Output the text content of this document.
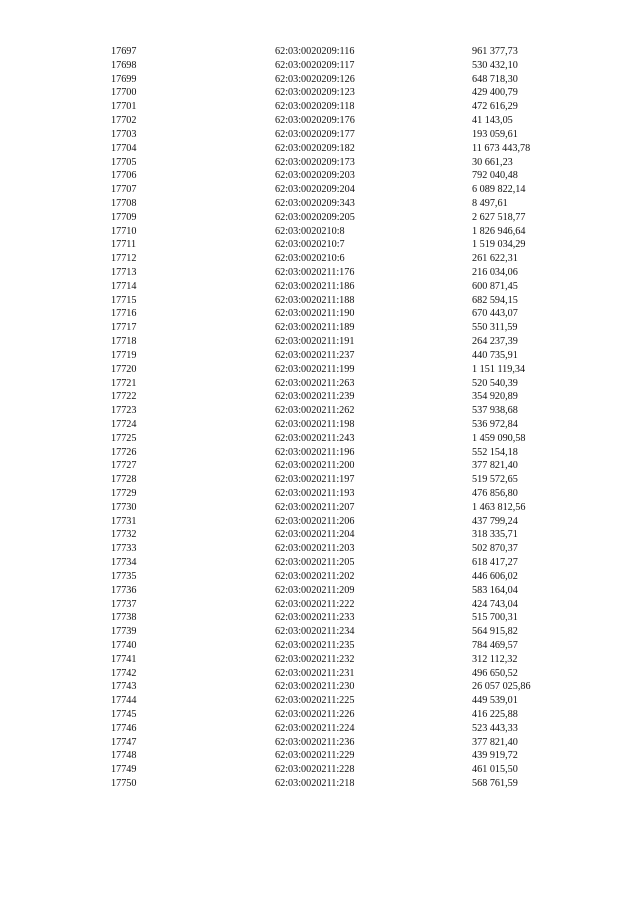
17697	62:03:0020209:116	961 377,73
17698	62:03:0020209:117	530 432,10
17699	62:03:0020209:126	648 718,30
17700	62:03:0020209:123	429 400,79
17701	62:03:0020209:118	472 616,29
17702	62:03:0020209:176	41 143,05
17703	62:03:0020209:177	193 059,61
17704	62:03:0020209:182	11 673 443,78
17705	62:03:0020209:173	30 661,23
17706	62:03:0020209:203	792 040,48
17707	62:03:0020209:204	6 089 822,14
17708	62:03:0020209:343	8 497,61
17709	62:03:0020209:205	2 627 518,77
17710	62:03:0020210:8	1 826 946,64
17711	62:03:0020210:7	1 519 034,29
17712	62:03:0020210:6	261 622,31
17713	62:03:0020211:176	216 034,06
17714	62:03:0020211:186	600 871,45
17715	62:03:0020211:188	682 594,15
17716	62:03:0020211:190	670 443,07
17717	62:03:0020211:189	550 311,59
17718	62:03:0020211:191	264 237,39
17719	62:03:0020211:237	440 735,91
17720	62:03:0020211:199	1 151 119,34
17721	62:03:0020211:263	520 540,39
17722	62:03:0020211:239	354 920,89
17723	62:03:0020211:262	537 938,68
17724	62:03:0020211:198	536 972,84
17725	62:03:0020211:243	1 459 090,58
17726	62:03:0020211:196	552 154,18
17727	62:03:0020211:200	377 821,40
17728	62:03:0020211:197	519 572,65
17729	62:03:0020211:193	476 856,80
17730	62:03:0020211:207	1 463 812,56
17731	62:03:0020211:206	437 799,24
17732	62:03:0020211:204	318 335,71
17733	62:03:0020211:203	502 870,37
17734	62:03:0020211:205	618 417,27
17735	62:03:0020211:202	446 606,02
17736	62:03:0020211:209	583 164,04
17737	62:03:0020211:222	424 743,04
17738	62:03:0020211:233	515 700,31
17739	62:03:0020211:234	564 915,82
17740	62:03:0020211:235	784 469,57
17741	62:03:0020211:232	312 112,32
17742	62:03:0020211:231	496 650,52
17743	62:03:0020211:230	26 057 025,86
17744	62:03:0020211:225	449 539,01
17745	62:03:0020211:226	416 225,88
17746	62:03:0020211:224	523 443,33
17747	62:03:0020211:236	377 821,40
17748	62:03:0020211:229	439 919,72
17749	62:03:0020211:228	461 015,50
17750	62:03:0020211:218	568 761,59
